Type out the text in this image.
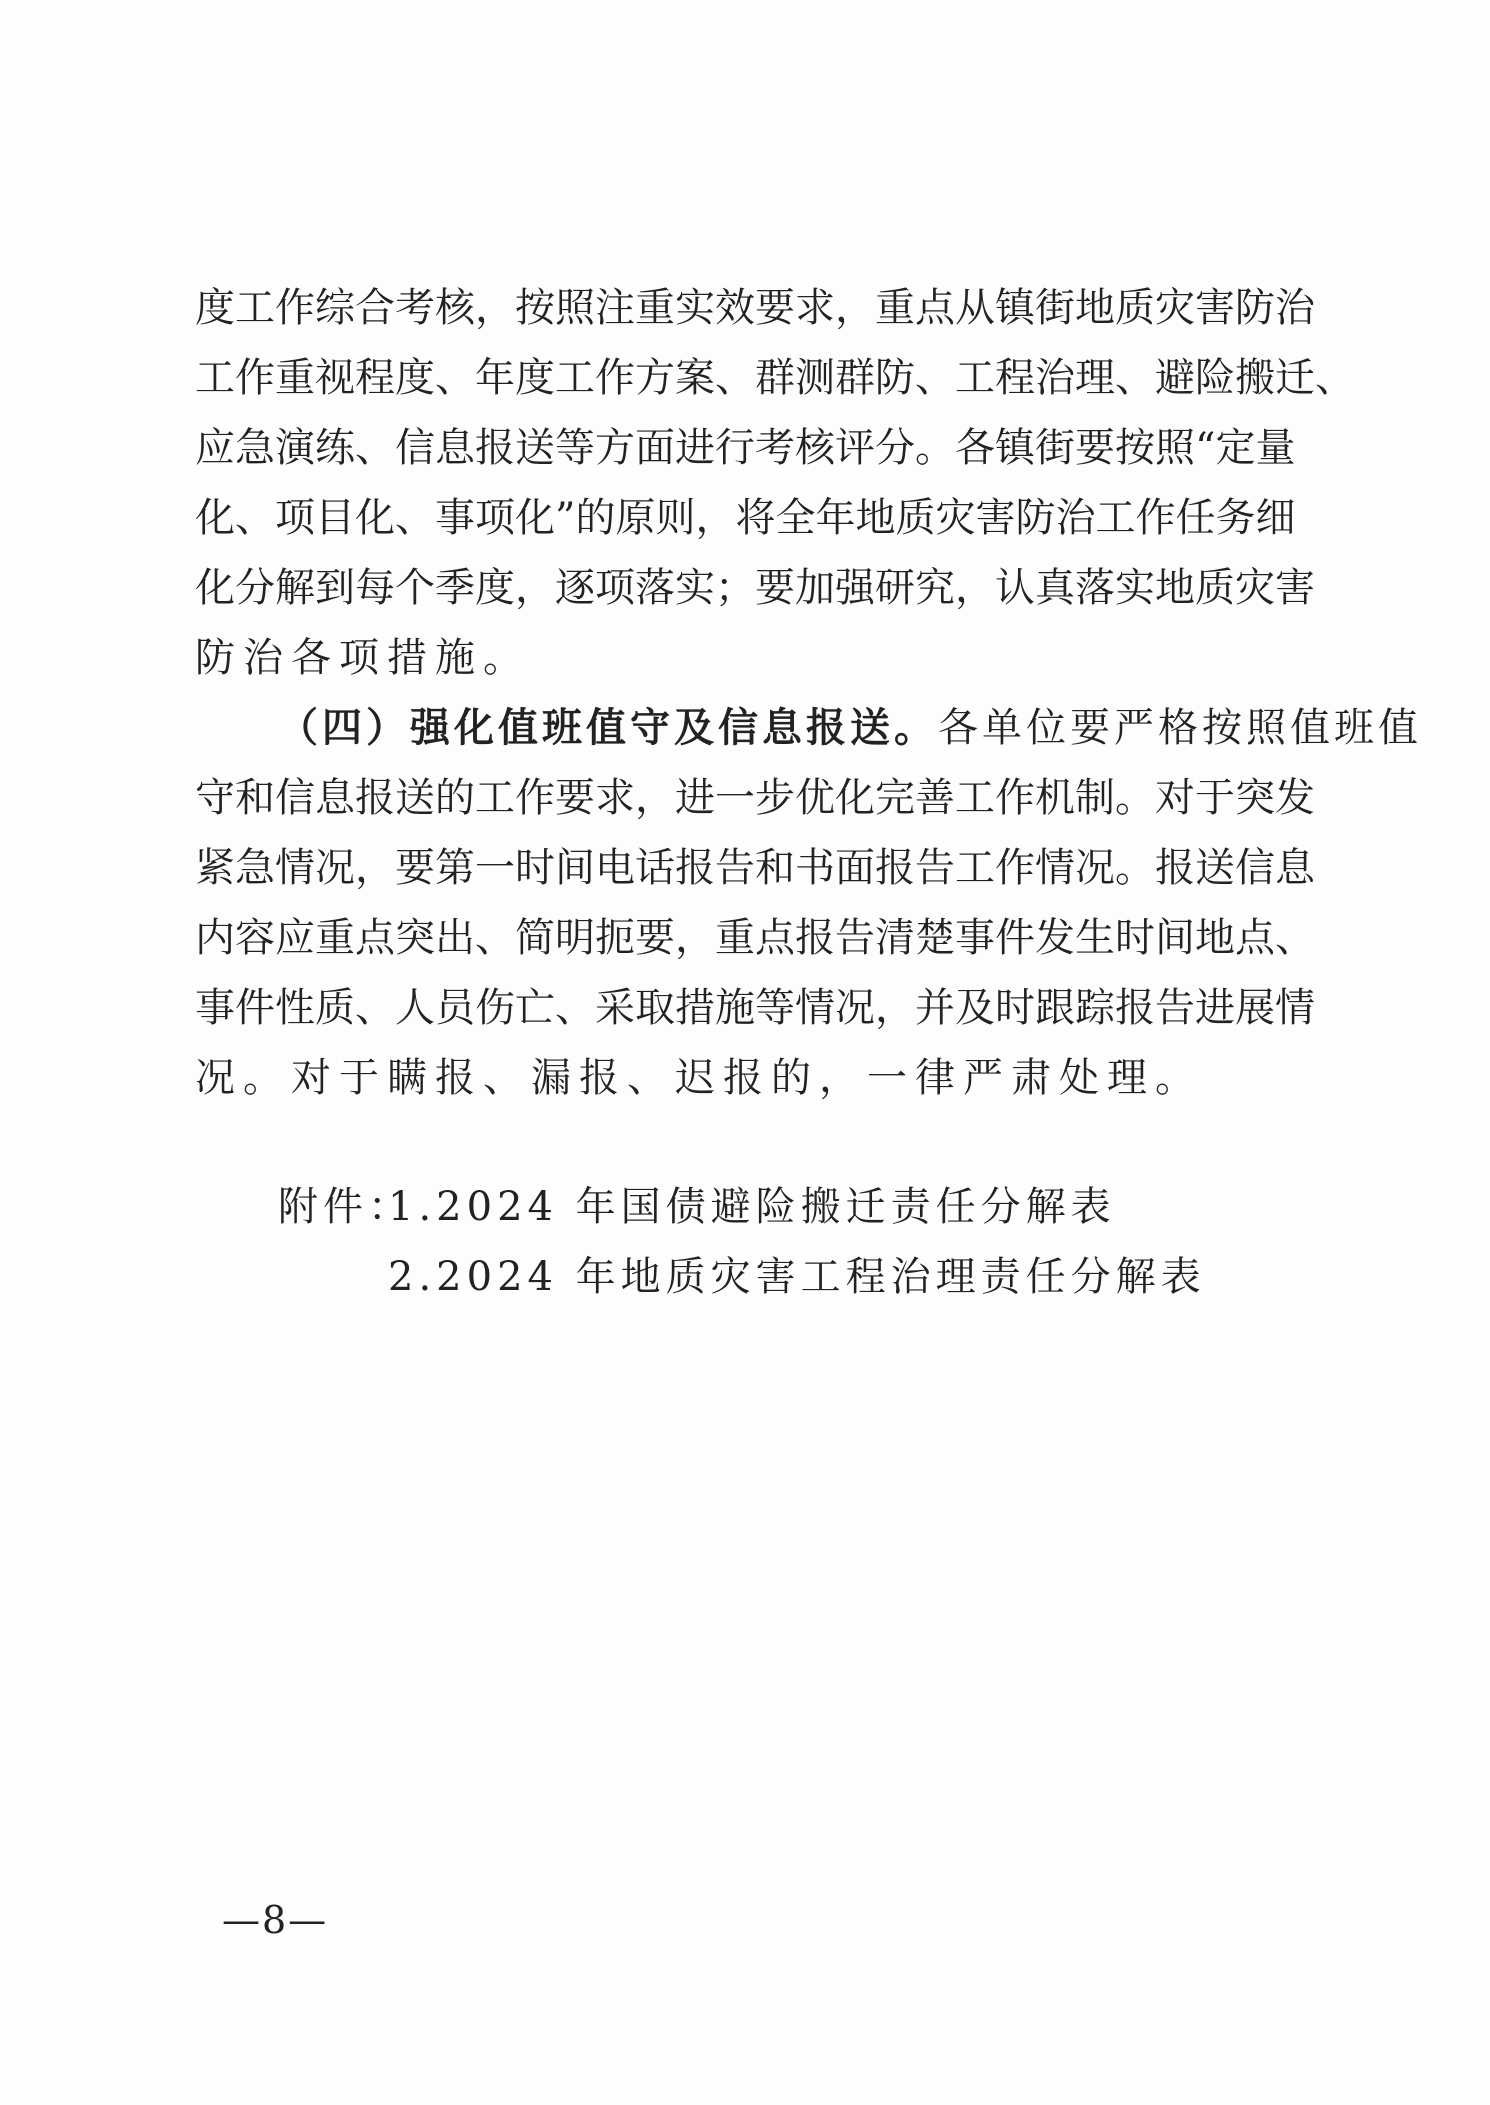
度工作综合考核，按照注重实效要求，重点从镇街地质灾害防治
工作重视程度、年度工作方案、群测群防、工程治理、避险搬迁、
应急演练、信息报送等方面进行考核评分。各镇街要按照“定量
化、项目化、事项化”的原则，将全年地质灾害防治工作任务细
化分解到每个季度，逐项落实；要加强研究，认真落实地质灾害
防治各项措施。
（四）强化值班值守及信息报送。各单位要严格按照值班值
守和信息报送的工作要求，进一步优化完善工作机制。对于突发
紧急情况，要第一时间电话报告和书面报告工作情况。报送信息
内容应重点突出、简明扼要，重点报告清楚事件发生时间地点、
事件性质、人员伤亡、采取措施等情况，并及时跟踪报告进展情
况。对于瞒报、漏报、迟报的，一律严肃处理。
附件：
1.2024 年国债避险搬迁责任分解表
2.2024 年地质灾害工程治理责任分解表
—8—
